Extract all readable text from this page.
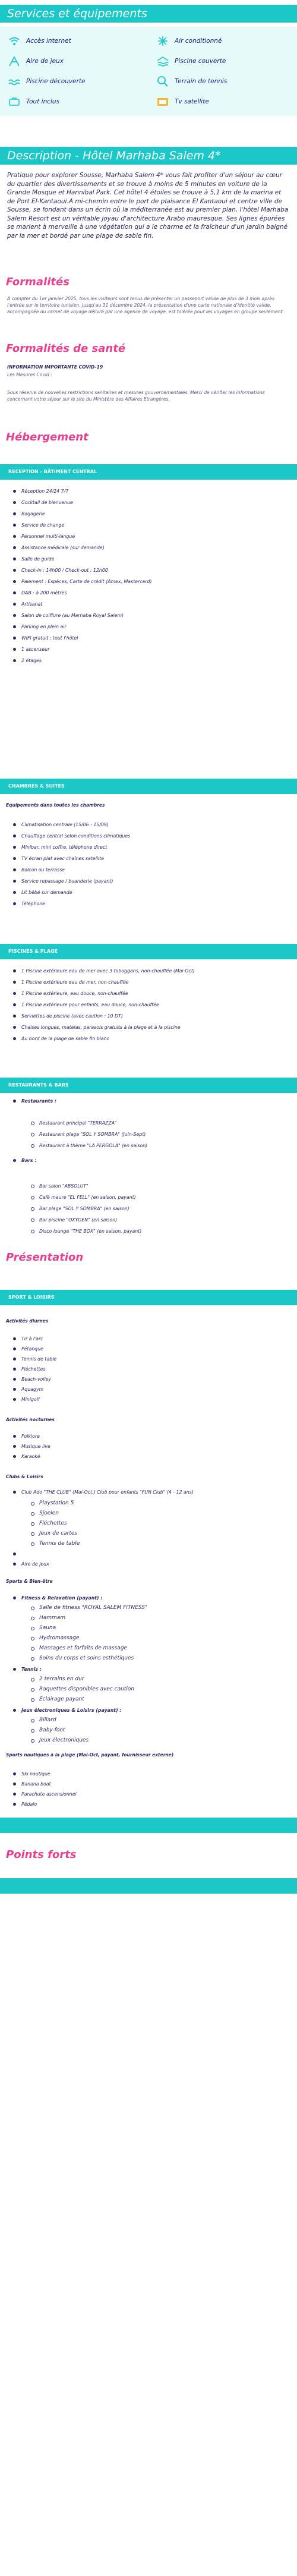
Services et équipements
Accès internet	Air conditionné
Aire de jeux	Piscine couverte
Piscine découverte	Terrain de tennis
Tout inclus	Tv satellite
Description - Hôtel Marhaba Salem 4*

Pratique pour explorer Sousse, Marhaba Salem 4* vous fait profiter d'un séjour au cœur du quartier des divertissements et se trouve à moins de 5 minutes en voiture de la Grande Mosque et Hannibal Park. Cet hôtel 4 étoiles se trouve à 5,1 km de la marina et de Port El-Kantaoui.A mi-chemin entre le port de plaisance El Kantaoui et centre ville de Sousse, se fondant dans un écrin où la méditerranée est au premier plan, l'hôtel Marhaba Salem Resort est un véritable joyau d'architecture Arabo mauresque. Ses lignes épurées se marient à merveille à une végétation qui a le charme et la fraîcheur d'un jardin baigné par la mer et bordé par une plage de sable fin.

Formalités

A compter du 1er janvier 2025, tous les visiteurs sont tenus de présenter un passeport valide de plus de 3 mois après l'entrée sur le territoire tunisien. Jusqu'au 31 décembre 2024, la présentation d'une carte nationale d'identité valide, accompagnée du carnet de voyage délivré par une agence de voyage, est tolérée pour les voyages en groupe seulement.

Formalités de santé

INFORMATION IMPORTANTE COVID-19

Les Mesures Covid :

Sous réserve de nouvelles restrictions sanitaires et mesures gouvernementales. Merci de vérifier les informations concernant votre séjour sur le site du Ministère des Affaires Etrangères.

Hébergement
RECEPTION - BÂTIMENT CENTRAL
Réception 24/24 7/7
Cocktail de bienvenue
Bagagerie
Service de change
Personnel multi-langue
Assistance médicale (sur demande)
Salle de guide
Check-in : 14h00 / Check-out : 12h00
Paiement : Espèces, Carte de crédit (Amex, Mastercard)
DAB : à 200 mètres
Artisanat
Salon de coiffure (au Marhaba Royal Salem)
Parking en plein air
WIFI gratuit : tout l'hôtel
1 ascenseur
2 étages
CHAMBRES & SUITES
Equipements dans toutes les chambres
Climatisation centrale (15/06 - 15/09)
Chauffage central selon conditions climatiques
Minibar, mini coffre, téléphone direct
TV écran plat avec chaînes satellite
Balcon ou terrasse
Service repassage / buanderie (payant)
Lit bébé sur demande
Téléphone
PISCINES & PLAGE
1 Piscine extérieure eau de mer avec 3 toboggans, non-chauffée (Mai-Oct)
1 Piscine extérieure eau de mer, non-chauffée
1 Piscine extérieure, eau douce, non-chauffée
1 Piscine extérieure pour enfants, eau douce, non-chauffée
Serviettes de piscine (avec caution : 10 DT)
Chaises longues, matelas, parasols gratuits à la plage et à la piscine
Au bord de la plage de sable fin blanc
RESTAURANTS & BARS
Restaurants :
Restaurant principal "TERRAZZA"
Restaurant plage "SOL Y SOMBRA" (Juin-Sept)
Restaurant à thème "LA PERGOLA" (en saison)
Bars :
Bar salon "ABSOLUT"
Café maure "EL FELL" (en saison, payant)
Bar plage "SOL Y SOMBRA" (en saison)
Bar piscine "OXYGEN" (en saison)
Disco lounge "THE BOX" (en saison, payant)
Présentation
SPORT & LOISIRS
Activités diurnes
Tir à l'arc
Pétanque
Tennis de table
Fléchettes
Beach-volley
Aquagym
Minigolf
Activités nocturnes
Folklore
Musique live
Karaoké
Clubs & Loisirs
Club Ado "THE CLUB" (Mai-Oct.) Club pour enfants "FUN Club" (4 - 12 ans)
Playstation 5
Sjoelen
Fléchettes
Jeux de cartes
Tennis de table
Aire de jeux
Sports & Bien-être
Fitness & Relaxation (payant) :
Salle de fitness "ROYAL SALEM FITNESS"
Hammam
Sauna
Hydromassage
Massages et forfaits de massage
Soins du corps et soins esthétiques
Tennis :
2 terrains en dur
Raquettes disponibles avec caution
Éclairage payant
Jeux électroniques & Loisirs (payant) :
Billard
Baby-foot
Jeux électroniques
Sports nautiques à la plage (Mai-Oct, payant, fournisseur externe)
Ski nautique
Banana boat
Parachute ascensionnel
Pédalo
Points forts
